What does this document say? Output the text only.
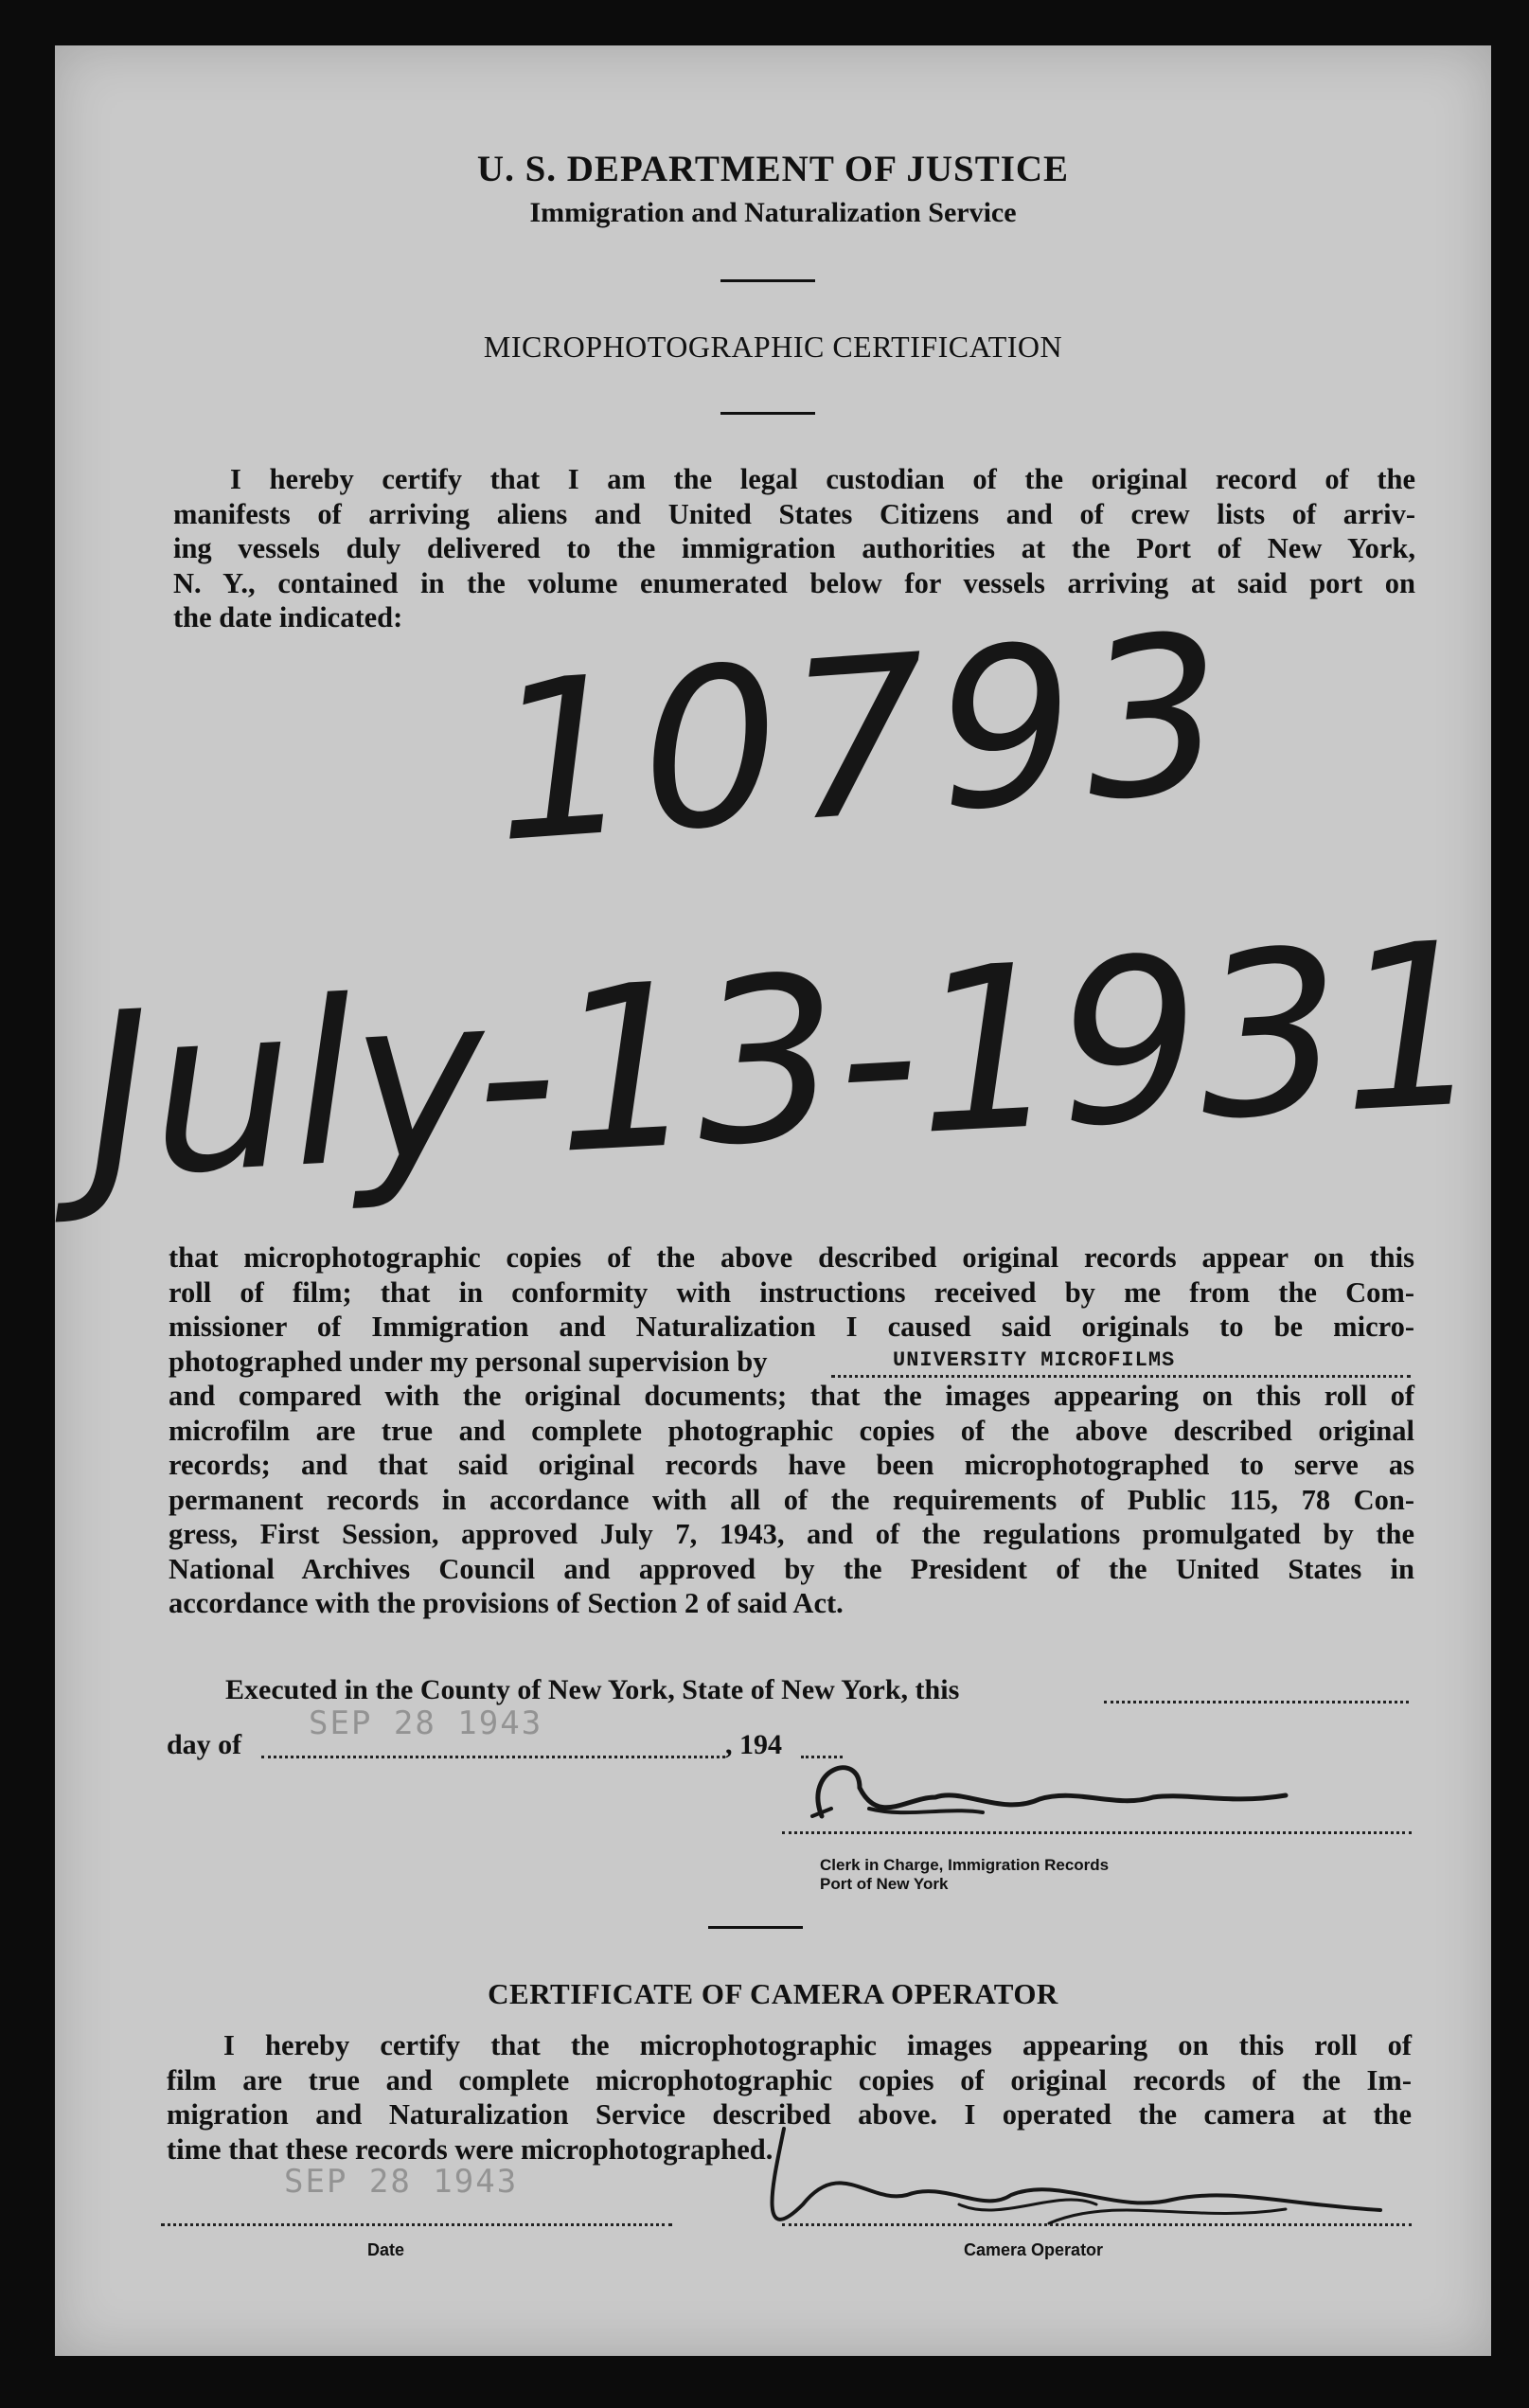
U. S. DEPARTMENT OF JUSTICE

Immigration and Naturalization Service

MICROPHOTOGRAPHIC CERTIFICATION

I hereby certify that I am the legal custodian of the original record of the
manifests of arriving aliens and United States Citizens and of crew lists of arriv-
ing vessels duly delivered to the immigration authorities at the Port of New York,
N. Y., contained in the volume enumerated below for vessels arriving at said port on
the date indicated:
that microphotographic copies of the above described original records appear on this
roll of film; that in conformity with instructions received by me from the Com-
missioner of Immigration and Naturalization I caused said originals to be micro-
photographed under my personal supervision by
and compared with the original documents; that the images appearing on this roll of
microfilm are true and complete photographic copies of the above described original
records; and that said original records have been microphotographed to serve as
permanent records in accordance with all of the requirements of Public 115, 78 Con-
gress, First Session, approved July 7, 1943, and of the regulations promulgated by the
National Archives Council and approved by the President of the United States in
accordance with the provisions of Section 2 of said Act.
UNIVERSITY MICROFILMS
Executed in the County of New York, State of New York, this
day of	, 194
SEP 28 1943
Clerk in Charge, Immigration Records
Port of New York

CERTIFICATE OF CAMERA OPERATOR

I hereby certify that the microphotographic images appearing on this roll of
film are true and complete microphotographic copies of original records of the Im-
migration and Naturalization Service described above. I operated the camera at the
time that these records were microphotographed.
SEP 28 1943
Date	Camera Operator
10793
July-13-1931
